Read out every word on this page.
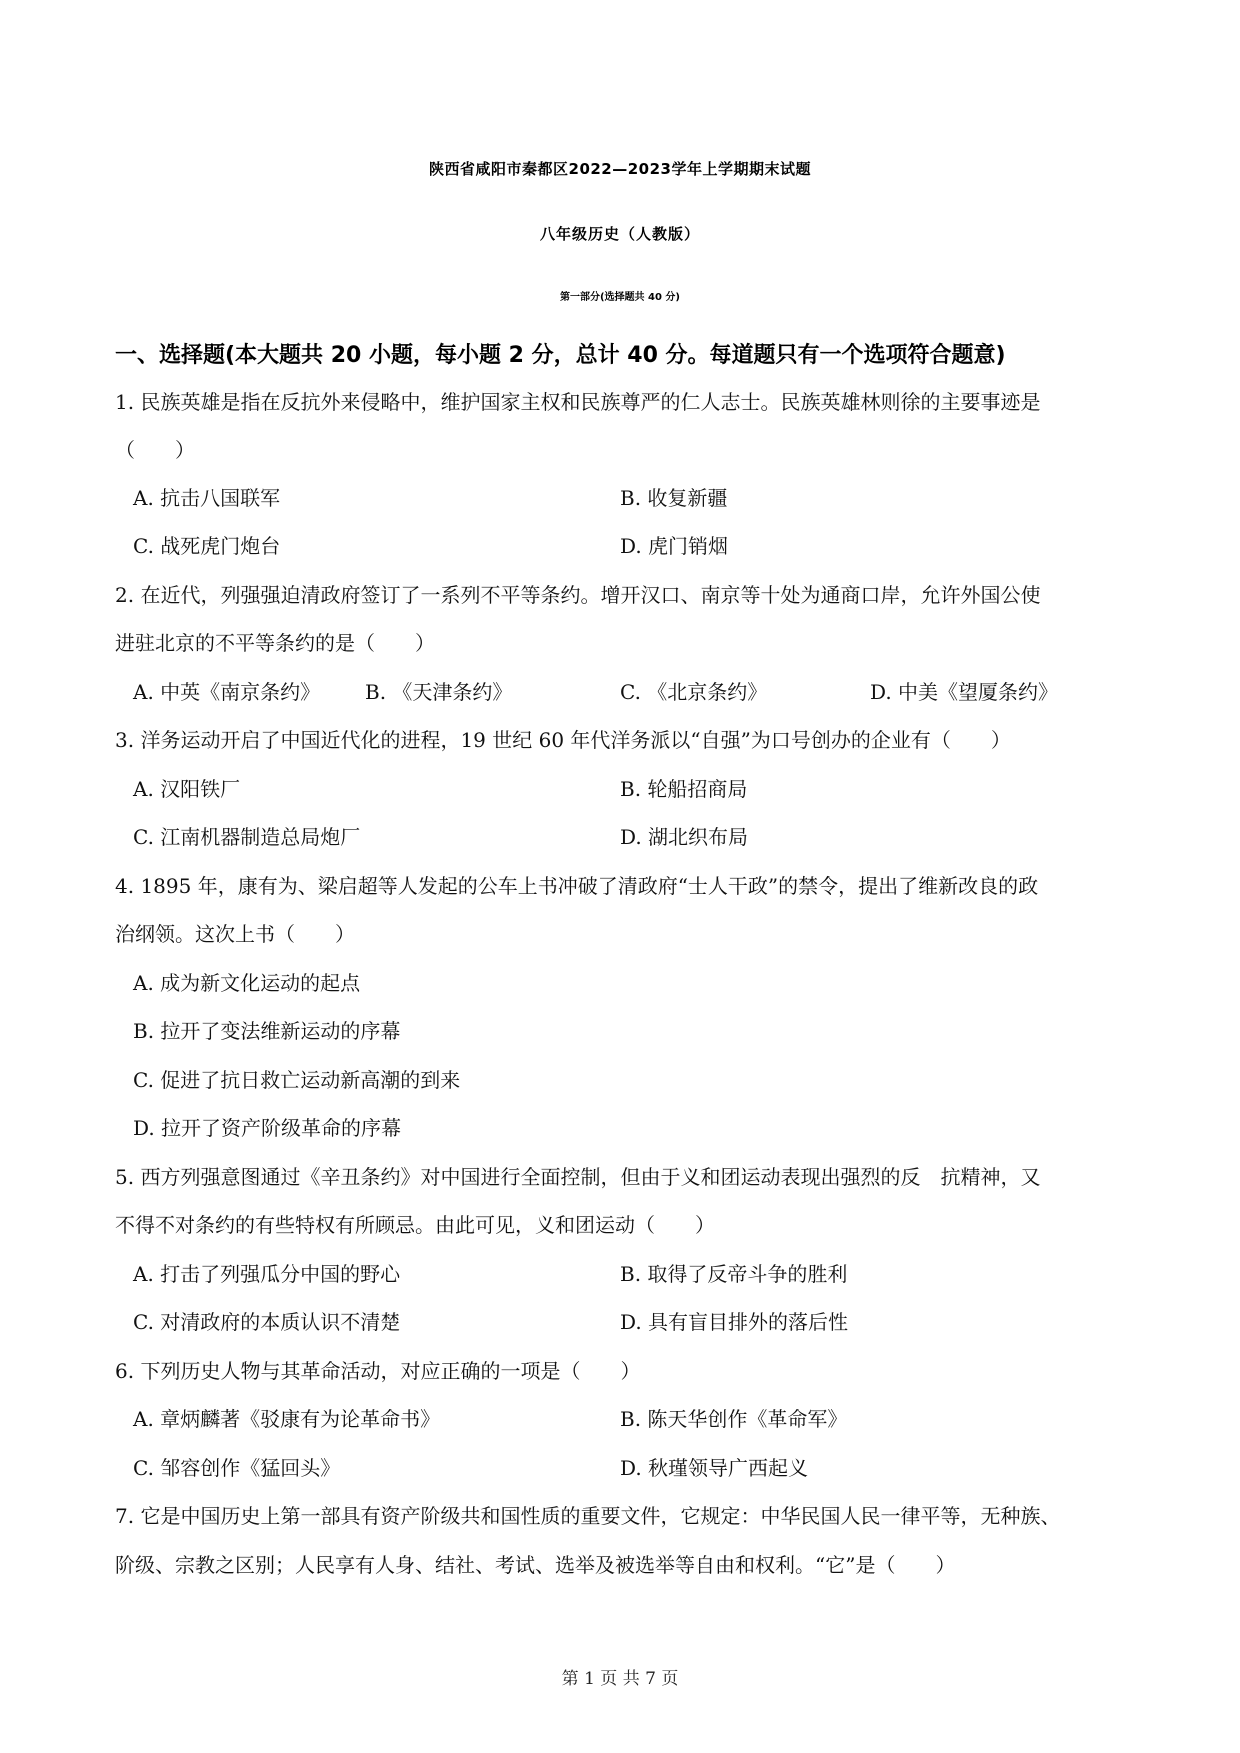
陕西省咸阳市秦都区2022—2023学年上学期期末试题
八年级历史（人教版）
第一部分(选择题共 40 分)
一、选择题(本大题共 20 小题，每小题 2 分，总计 40 分。每道题只有一个选项符合题意)
1. 民族英雄是指在反抗外来侵略中，维护国家主权和民族尊严的仁人志士。民族英雄林则徐的主要事迹是
（　　）
A. 抗击八国联军	B. 收复新疆
C. 战死虎门炮台	D. 虎门销烟
2. 在近代，列强强迫清政府签订了一系列不平等条约。增开汉口、南京等十处为通商口岸，允许外国公使
进驻北京的不平等条约的是（　　）
A. 中英《南京条约》 B. 《天津条约》	C. 《北京条约》	D. 中美《望厦条约》
3. 洋务运动开启了中国近代化的进程，19 世纪 60 年代洋务派以“自强”为口号创办的企业有（　　）
A. 汉阳铁厂	B. 轮船招商局
C. 江南机器制造总局炮厂	D. 湖北织布局
4. 1895 年，康有为、梁启超等人发起的公车上书冲破了清政府“士人干政”的禁令，提出了维新改良的政
治纲领。这次上书（　　）
A. 成为新文化运动的起点
B. 拉开了变法维新运动的序幕
C. 促进了抗日救亡运动新高潮的到来
D. 拉开了资产阶级革命的序幕
5. 西方列强意图通过《辛丑条约》对中国进行全面控制，但由于义和团运动表现出强烈的反　抗精神，又
不得不对条约的有些特权有所顾忌。由此可见，义和团运动（　　）
A. 打击了列强瓜分中国的野心	B. 取得了反帝斗争的胜利
C. 对清政府的本质认识不清楚	D. 具有盲目排外的落后性
6. 下列历史人物与其革命活动，对应正确的一项是（　　）
A. 章炳麟著《驳康有为论革命书》	B. 陈天华创作《革命军》
C. 邹容创作《猛回头》	D. 秋瑾领导广西起义
7. 它是中国历史上第一部具有资产阶级共和国性质的重要文件，它规定：中华民国人民一律平等，无种族、
阶级、宗教之区别；人民享有人身、结社、考试、选举及被选举等自由和权利。“它”是（　　）
第 1 页 共 7 页
